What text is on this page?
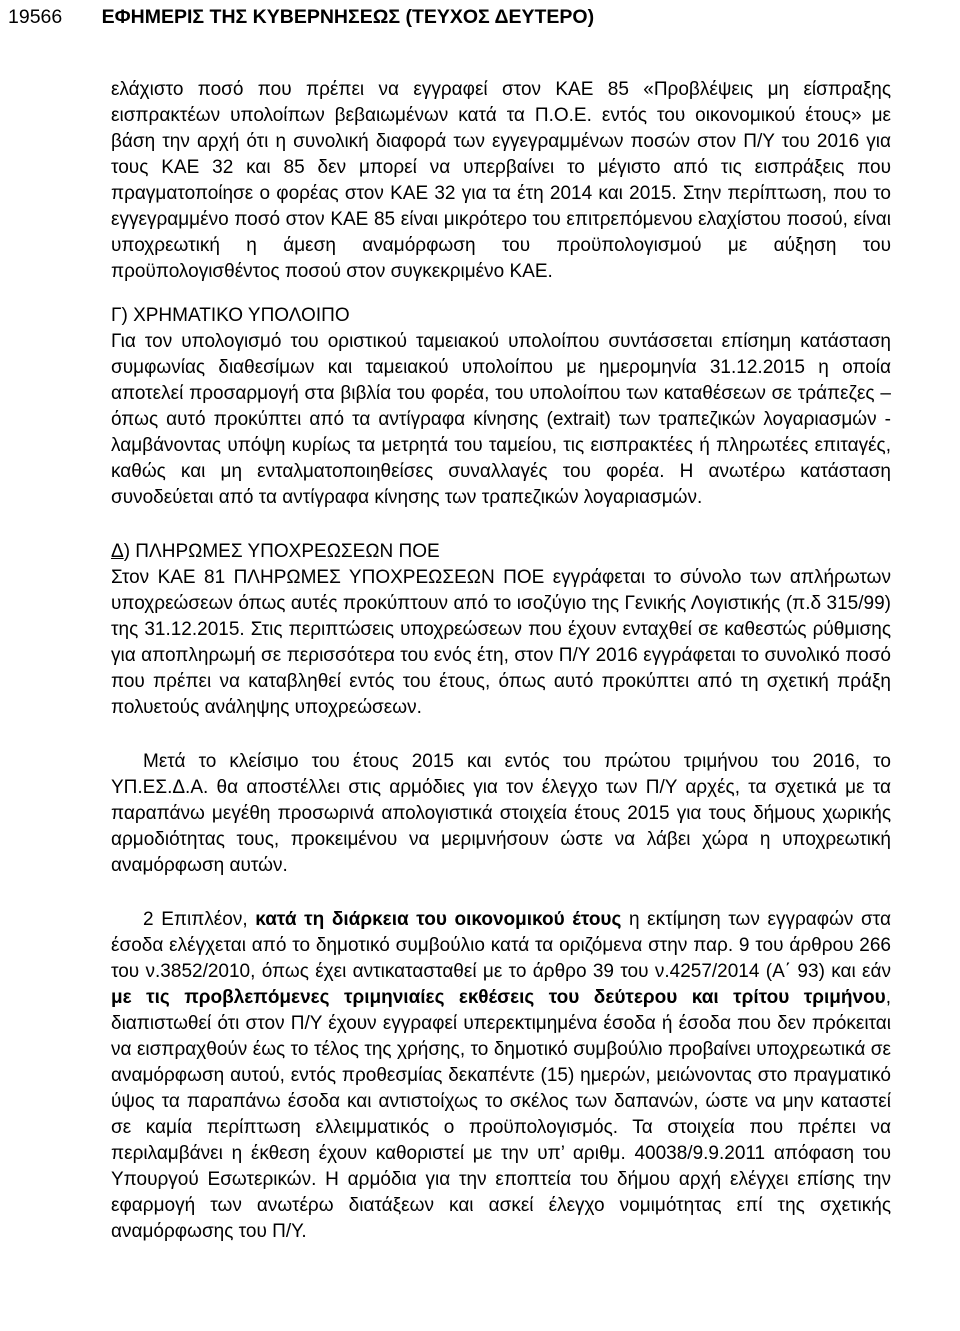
19566 ΕΦΗΜΕΡΙΣ ΤΗΣ ΚΥΒΕΡΝΗΣΕΩΣ (ΤΕΥΧΟΣ ΔΕΥΤΕΡΟ)

ελάχιστο ποσό που πρέπει να εγγραφεί στον ΚΑΕ 85 «Προβλέψεις μη είσπραξης εισπρακτέων υπολοίπων βεβαιωμένων κατά τα Π.Ο.Ε. εντός του οικονομικού έτους» με βάση την αρχή ότι η συνολική διαφορά των εγγεγραμμένων ποσών στον Π/Υ του 2016 για τους ΚΑΕ 32 και 85 δεν μπορεί να υπερβαίνει το μέγιστο από τις εισπράξεις που πραγματοποίησε ο φορέας στον ΚΑΕ 32 για τα έτη 2014 και 2015. Στην περίπτωση, που το εγγεγραμμένο ποσό στον ΚΑΕ 85 είναι μικρότερο του επιτρεπόμενου ελαχίστου ποσού, είναι υποχρεωτική η άμεση αναμόρφωση του προϋπολογισμού με αύξηση του προϋπολογισθέντος ποσού στον συγκεκριμένο ΚΑΕ.

Γ) ΧΡΗΜΑΤΙΚΟ ΥΠΟΛΟΙΠΟ

Για τον υπολογισμό του οριστικού ταμειακού υπολοίπου συντάσσεται επίσημη κατάσταση συμφωνίας διαθεσίμων και ταμειακού υπολοίπου με ημερομηνία 31.12.2015 η οποία αποτελεί προσαρμογή στα βιβλία του φορέα, του υπολοίπου των καταθέσεων σε τράπεζες – όπως αυτό προκύπτει από τα αντίγραφα κίνησης (extrait) των τραπεζικών λογαριασμών - λαμβάνοντας υπόψη κυρίως τα μετρητά του ταμείου, τις εισπρακτέες ή πληρωτέες επιταγές, καθώς και μη ενταλματοποιηθείσες συναλλαγές του φορέα. Η ανωτέρω κατάσταση συνοδεύεται από τα αντίγραφα κίνησης των τραπεζικών λογαριασμών.

Δ) ΠΛΗΡΩΜΕΣ ΥΠΟΧΡΕΩΣΕΩΝ ΠΟΕ

Στον ΚΑΕ 81 ΠΛΗΡΩΜΕΣ ΥΠΟΧΡΕΩΣΕΩΝ ΠΟΕ εγγράφεται το σύνολο των απλήρωτων υποχρεώσεων όπως αυτές προκύπτουν από το ισοζύγιο της Γενικής Λογιστικής (π.δ 315/99) της 31.12.2015. Στις περιπτώσεις υποχρεώσεων που έχουν ενταχθεί σε καθεστώς ρύθμισης για αποπληρωμή σε περισσότερα του ενός έτη, στον Π/Υ 2016 εγγράφεται το συνολικό ποσό που πρέπει να καταβληθεί εντός του έτους, όπως αυτό προκύπτει από τη σχετική πράξη πολυετούς ανάληψης υποχρεώσεων.

Μετά το κλείσιμο του έτους 2015 και εντός του πρώτου τριμήνου του 2016, το ΥΠ.ΕΣ.Δ.Α. θα αποστέλλει στις αρμόδιες για τον έλεγχο των Π/Υ αρχές, τα σχετικά με τα παραπάνω μεγέθη προσωρινά απολογιστικά στοιχεία έτους 2015 για τους δήμους χωρικής αρμοδιότητας τους, προκειμένου να μεριμνήσουν ώστε να λάβει χώρα η υποχρεωτική αναμόρφωση αυτών.

2 Επιπλέον, κατά τη διάρκεια του οικονομικού έτους η εκτίμηση των εγγραφών στα έσοδα ελέγχεται από το δημοτικό συμβούλιο κατά τα οριζόμενα στην παρ. 9 του άρθρου 266 του ν.3852/2010, όπως έχει αντικατασταθεί με το άρθρο 39 του ν.4257/2014 (Α΄ 93) και εάν με τις προβλεπόμενες τριμηνιαίες εκθέσεις του δεύτερου και τρίτου τριμήνου, διαπιστωθεί ότι στον Π/Υ έχουν εγγραφεί υπερεκτιμημένα έσοδα ή έσοδα που δεν πρόκειται να εισπραχθούν έως το τέλος της χρήσης, το δημοτικό συμβούλιο προβαίνει υποχρεωτικά σε αναμόρφωση αυτού, εντός προθεσμίας δεκαπέντε (15) ημερών, μειώνοντας στο πραγματικό ύψος τα παραπάνω έσοδα και αντιστοίχως το σκέλος των δαπανών, ώστε να μην καταστεί σε καμία περίπτωση ελλειμματικός ο προϋπολογισμός. Τα στοιχεία που πρέπει να περιλαμβάνει η έκθεση έχουν καθοριστεί με την υπ’ αριθμ. 40038/9.9.2011 απόφαση του Υπουργού Εσωτερικών. Η αρμόδια για την εποπτεία του δήμου αρχή ελέγχει επίσης την εφαρμογή των ανωτέρω διατάξεων και ασκεί έλεγχο νομιμότητας επί της σχετικής αναμόρφωσης του Π/Υ.
